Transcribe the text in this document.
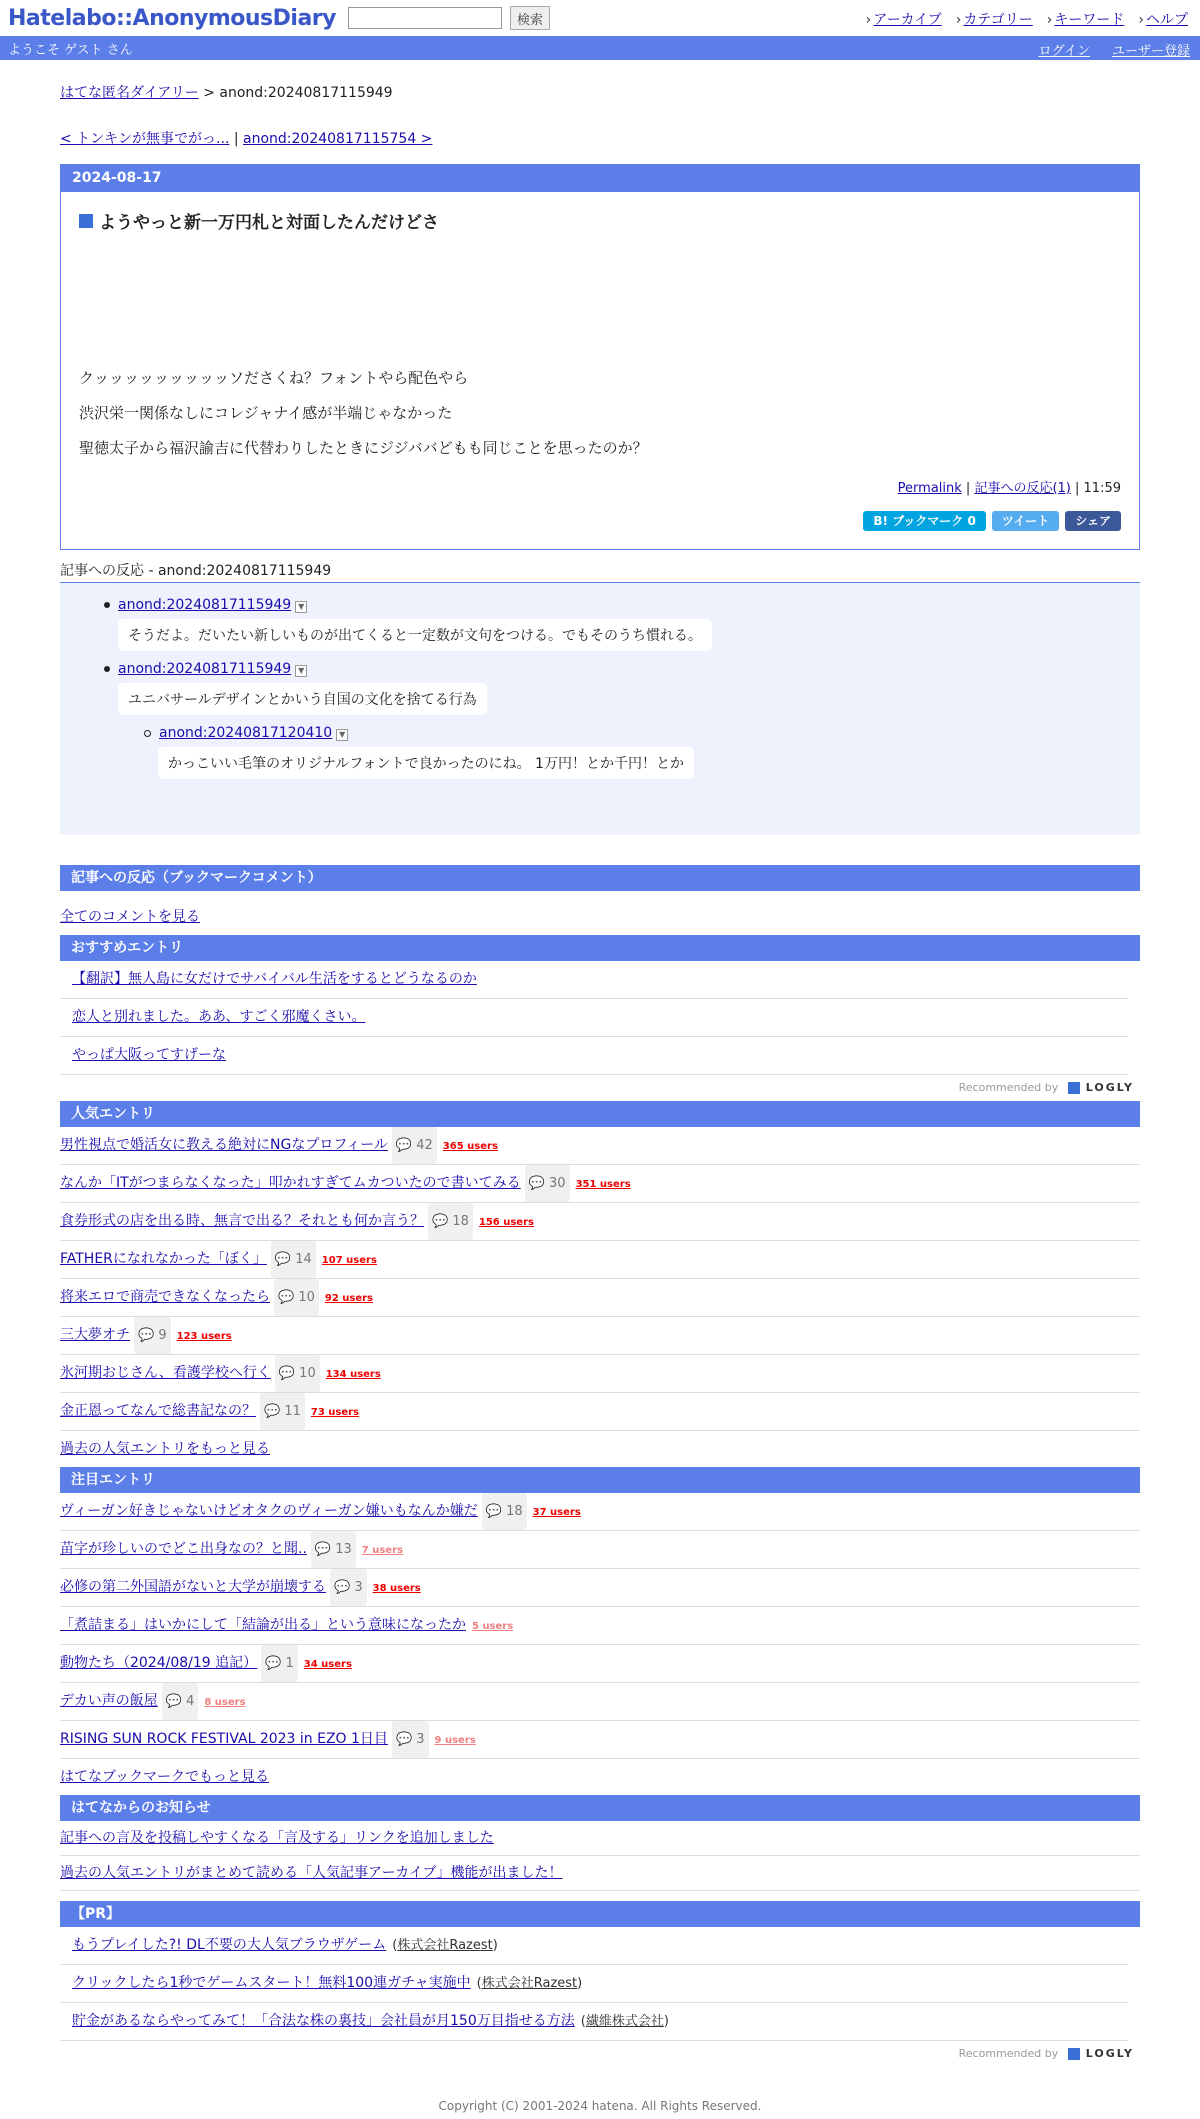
Hatelabo::AnonymousDiary	検索	› アーカイブ	› カテゴリー	› キーワード	› ヘルプ
ようこそ ゲスト さん	ログイン ユーザー登録
はてな匿名ダイアリー > anond:20240817115949
< トンキンが無事でがっ... | anond:20240817115754 >
2024-08-17
ようやっと新一万円札と対面したんだけどさ

クッッッッッッッッッソださくね？フォントやら配色やら

渋沢栄一関係なしにコレジャナイ感が半端じゃなかった

聖徳太子から福沢諭吉に代替わりしたときにジジババどもも同じことを思ったのか？

Permalink | 記事への反応(1) | 11:59
B! ブックマーク 0	ツイート	シェア
記事への反応 - anond:20240817115949
anond:20240817115949 ▼
そうだよ。だいたい新しいものが出てくると一定数が文句をつける。でもそのうち慣れる。
anond:20240817115949 ▼
ユニバサールデザインとかいう自国の文化を捨てる行為
anond:20240817120410 ▼
かっこいい毛筆のオリジナルフォントで良かったのにね。 1万円！とか千円！とか
記事への反応（ブックマークコメント）
全てのコメントを見る
おすすめエントリ
【翻訳】無人島に女だけでサバイバル生活をするとどうなるのか
恋人と別れました。ああ、すごく邪魔くさい。
やっぱ大阪ってすげーな
Recommended by	LOGLY
人気エントリ
男性視点で婚活女に教える絶対にNGなプロフィール 💬 42 365 users
なんか「ITがつまらなくなった」叩かれすぎてムカついたので書いてみる 💬 30 351 users
食券形式の店を出る時、無言で出る？それとも何か言う？ 💬 18 156 users
FATHERになれなかった「ぼく」 💬 14 107 users
将来エロで商売できなくなったら 💬 10 92 users
三大夢オチ 💬 9 123 users
氷河期おじさん、看護学校へ行く 💬 10 134 users
金正恩ってなんで総書記なの？ 💬 11 73 users
過去の人気エントリをもっと見る
注目エントリ
ヴィーガン好きじゃないけどオタクのヴィーガン嫌いもなんか嫌だ 💬 18 37 users
苗字が珍しいのでどこ出身なの？と聞.. 💬 13 7 users
必修の第二外国語がないと大学が崩壊する 💬 3 38 users
「煮詰まる」はいかにして「結論が出る」という意味になったか 5 users
動物たち（2024/08/19 追記） 💬 1 34 users
デカい声の飯屋 💬 4 8 users
RISING SUN ROCK FESTIVAL 2023 in EZO 1日目 💬 3 9 users
はてなブックマークでもっと見る
はてなからのお知らせ
記事への言及を投稿しやすくなる「言及する」リンクを追加しました
過去の人気エントリがまとめて読める「人気記事アーカイブ」機能が出ました！
【PR】
もうプレイした?! DL不要の大人気ブラウザゲーム (株式会社Razest)
クリックしたら1秒でゲームスタート！無料100連ガチャ実施中 (株式会社Razest)
貯金があるならやってみて！「合法な株の裏技」会社員が月150万目指せる方法 (繊維株式会社)
Recommended by	LOGLY
Copyright (C) 2001-2024 hatena. All Rights Reserved.
